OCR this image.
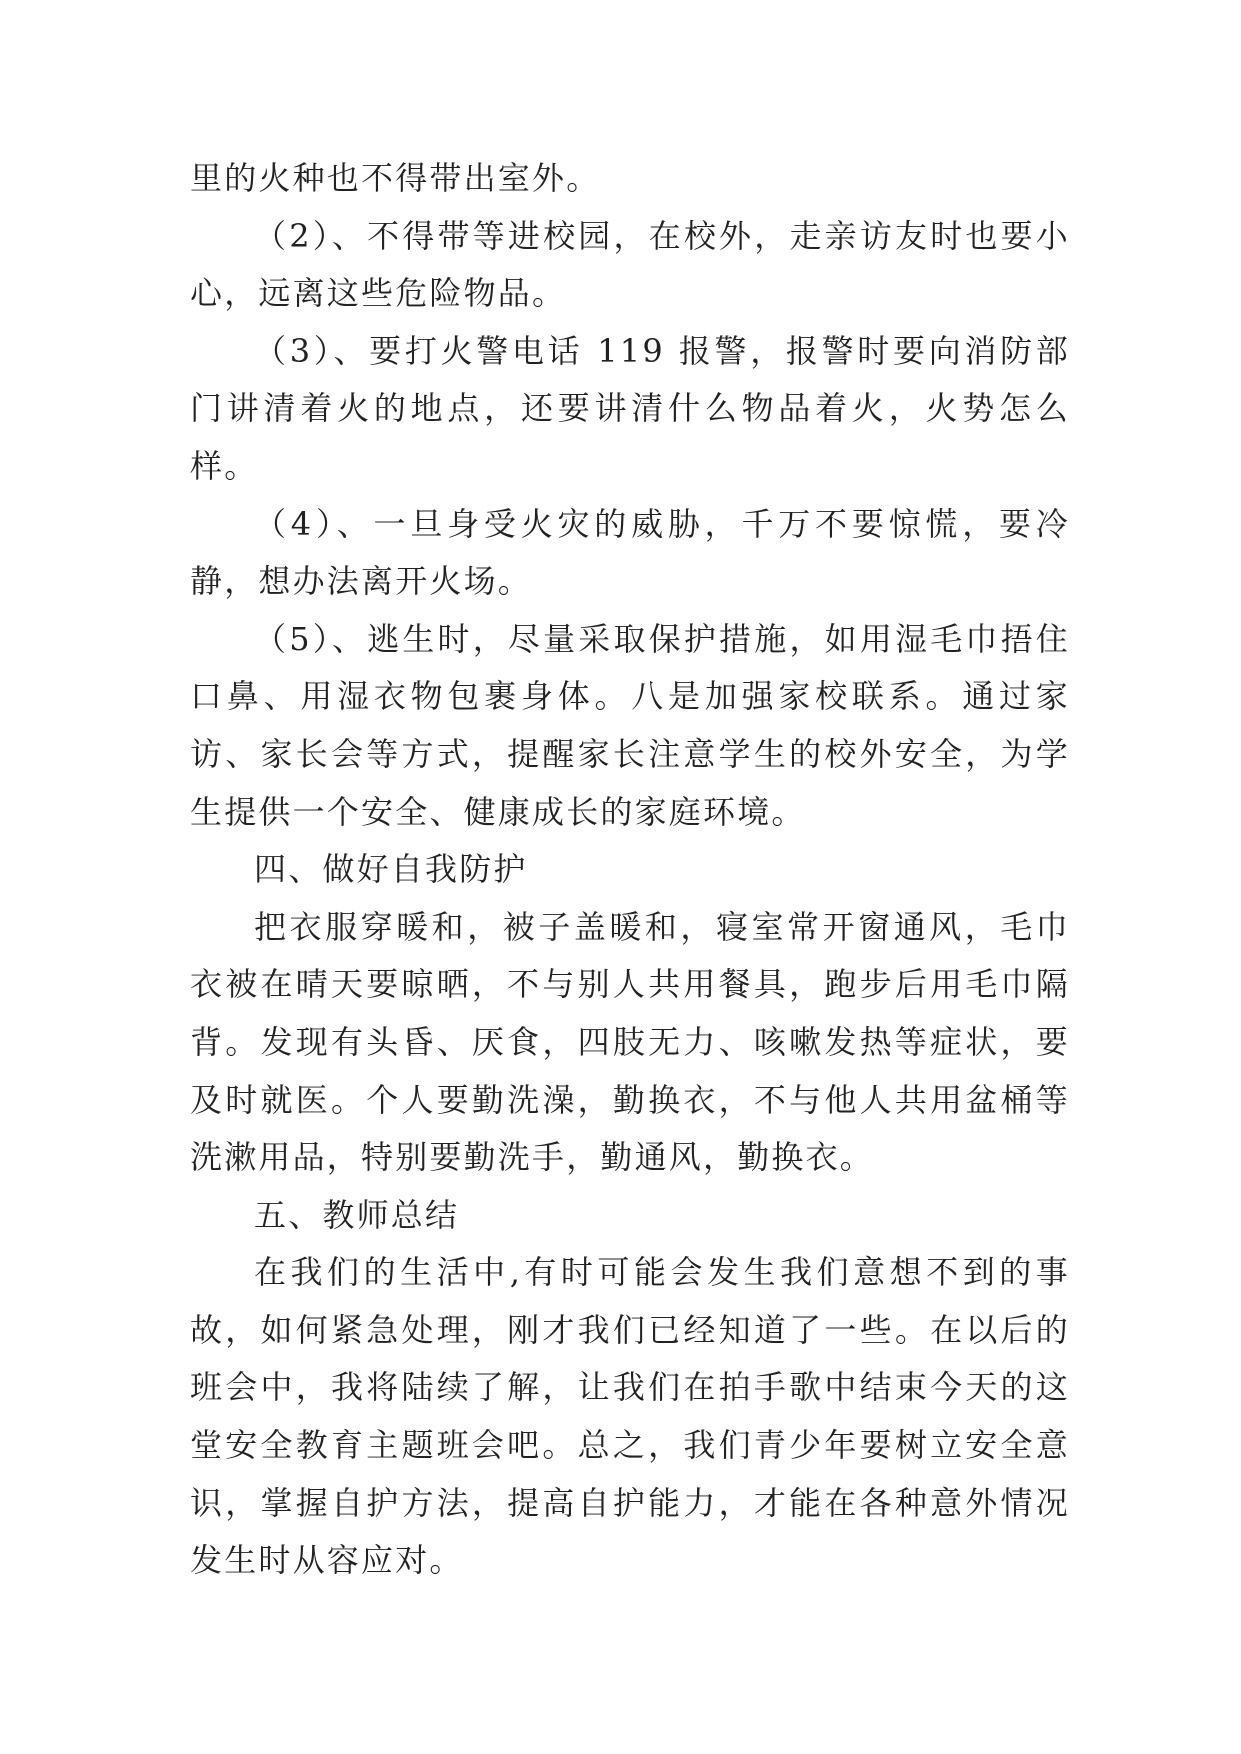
里的火种也不得带出室外。

（2）、不得带等进校园，在校外，走亲访友时也要小心，远离这些危险物品。

（3）、要打火警电话 119 报警，报警时要向消防部门讲清着火的地点，还要讲清什么物品着火，火势怎么样。

（4）、一旦身受火灾的威胁，千万不要惊慌，要冷静，想办法离开火场。

（5）、逃生时，尽量采取保护措施，如用湿毛巾捂住口鼻、用湿衣物包裹身体。八是加强家校联系。通过家访、家长会等方式，提醒家长注意学生的校外安全，为学生提供一个安全、健康成长的家庭环境。

四、做好自我防护

把衣服穿暖和，被子盖暖和，寝室常开窗通风，毛巾衣被在晴天要晾晒，不与别人共用餐具，跑步后用毛巾隔背。发现有头昏、厌食，四肢无力、咳嗽发热等症状，要及时就医。个人要勤洗澡，勤换衣，不与他人共用盆桶等洗漱用品，特别要勤洗手，勤通风，勤换衣。

五、教师总结

在我们的生活中,有时可能会发生我们意想不到的事故，如何紧急处理，刚才我们已经知道了一些。在以后的班会中，我将陆续了解，让我们在拍手歌中结束今天的这堂安全教育主题班会吧。总之，我们青少年要树立安全意识，掌握自护方法，提高自护能力，才能在各种意外情况发生时从容应对。
